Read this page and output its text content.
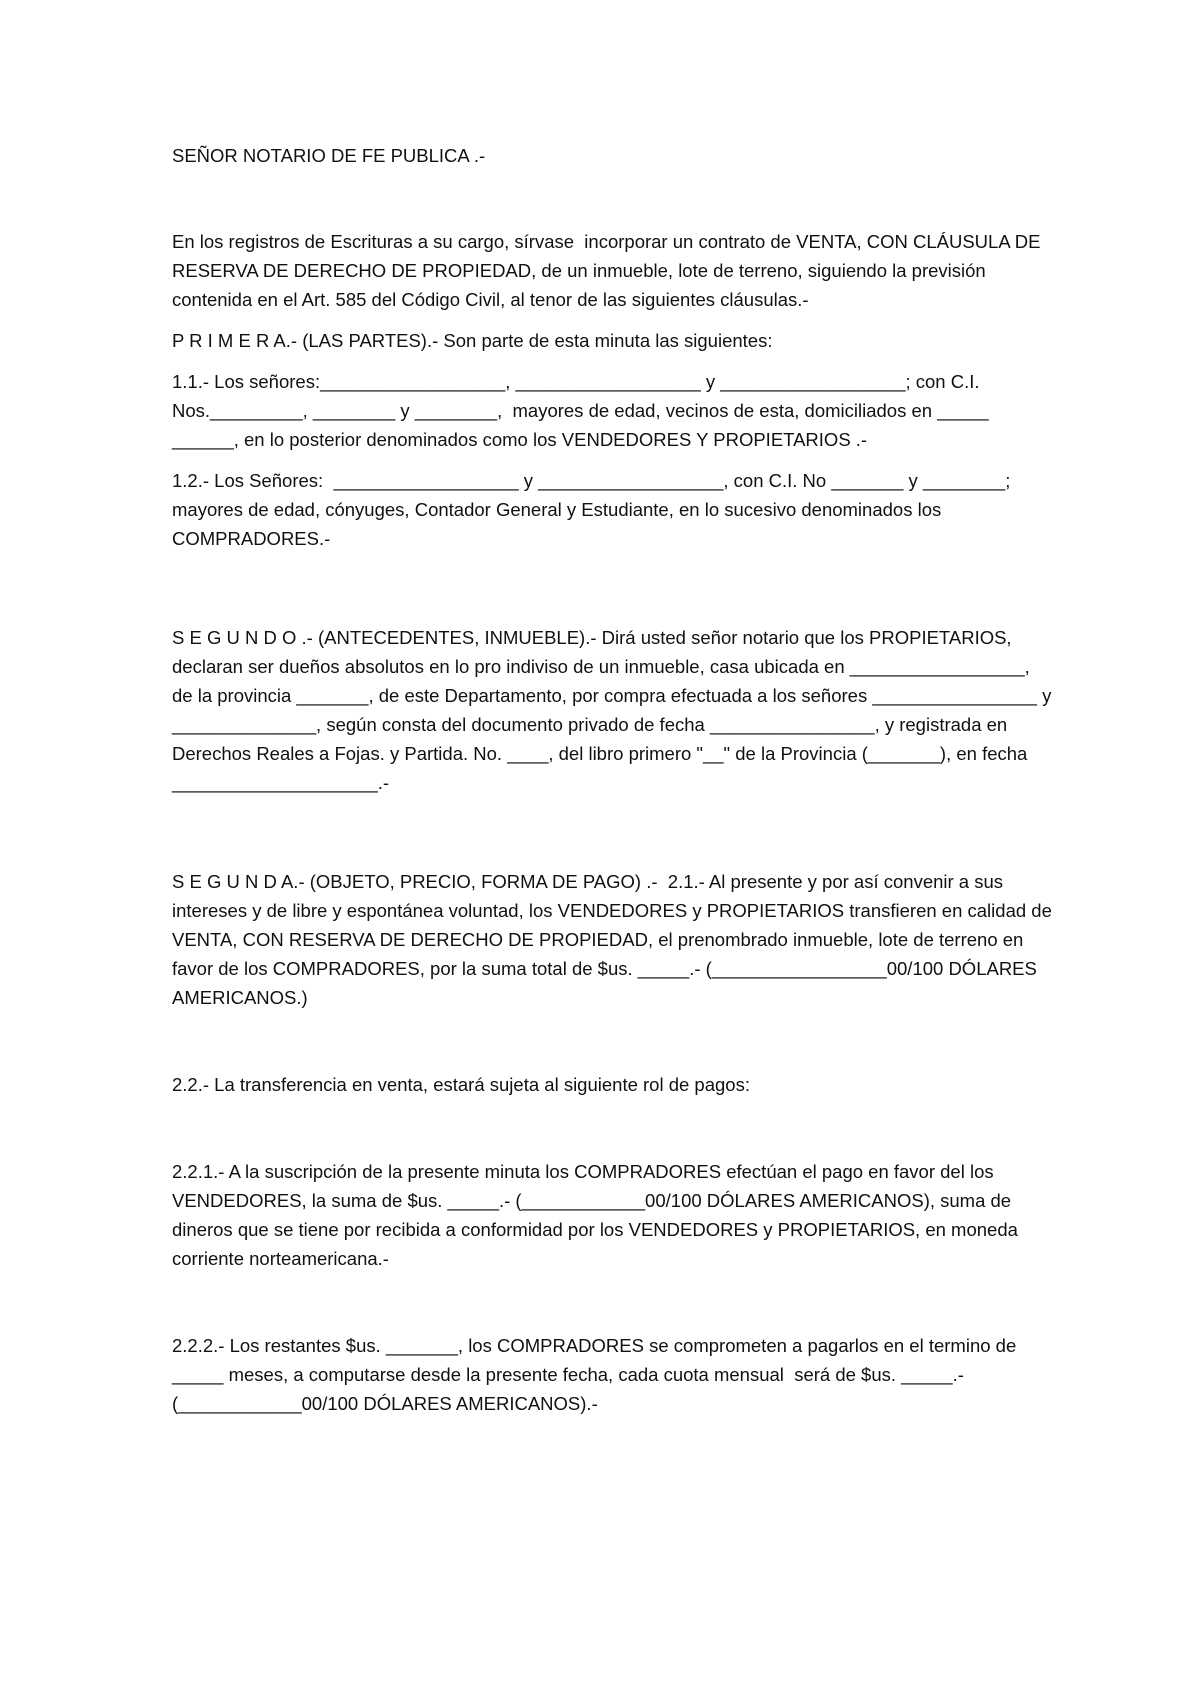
SEÑOR NOTARIO DE FE PUBLICA .-

En los registros de Escrituras a su cargo, sírvase  incorporar un contrato de VENTA, CON CLÁUSULA DE RESERVA DE DERECHO DE PROPIEDAD, de un inmueble, lote de terreno, siguiendo la previsión contenida en el Art. 585 del Código Civil, al tenor de las siguientes cláusulas.-

P R I M E R A.- (LAS PARTES).- Son parte de esta minuta las siguientes:

1.1.- Los señores:__________________, __________________ y __________________; con C.I. Nos._________, ________ y ________,  mayores de edad, vecinos de esta, domiciliados en _____ ______, en lo posterior denominados como los VENDEDORES Y PROPIETARIOS .-

1.2.- Los Señores:  __________________ y __________________, con C.I. No _______ y ________; mayores de edad, cónyuges, Contador General y Estudiante, en lo sucesivo denominados los COMPRADORES.-

S E G U N D O .- (ANTECEDENTES, INMUEBLE).- Dirá usted señor notario que los PROPIETARIOS, declaran ser dueños absolutos en lo pro indiviso de un inmueble, casa ubicada en _________________, de la provincia _______, de este Departamento, por compra efectuada a los señores ________________ y ______________, según consta del documento privado de fecha ________________, y registrada en Derechos Reales a Fojas. y Partida. No. ____, del libro primero "__" de la Provincia (_______), en fecha ____________________.-

S E G U N D A.- (OBJETO, PRECIO, FORMA DE PAGO) .-  2.1.- Al presente y por así convenir a sus intereses y de libre y espontánea voluntad, los VENDEDORES y PROPIETARIOS transfieren en calidad de VENTA, CON RESERVA DE DERECHO DE PROPIEDAD, el prenombrado inmueble, lote de terreno en favor de los COMPRADORES, por la suma total de $us. _____.- (_________________00/100 DÓLARES AMERICANOS.)

2.2.- La transferencia en venta, estará sujeta al siguiente rol de pagos:

2.2.1.- A la suscripción de la presente minuta los COMPRADORES efectúan el pago en favor del los VENDEDORES, la suma de $us. _____.- (____________00/100 DÓLARES AMERICANOS), suma de dineros que se tiene por recibida a conformidad por los VENDEDORES y PROPIETARIOS, en moneda corriente norteamericana.-

2.2.2.- Los restantes $us. _______, los COMPRADORES se comprometen a pagarlos en el termino de _____ meses, a computarse desde la presente fecha, cada cuota mensual  será de $us. _____.- (____________00/100 DÓLARES AMERICANOS).-
